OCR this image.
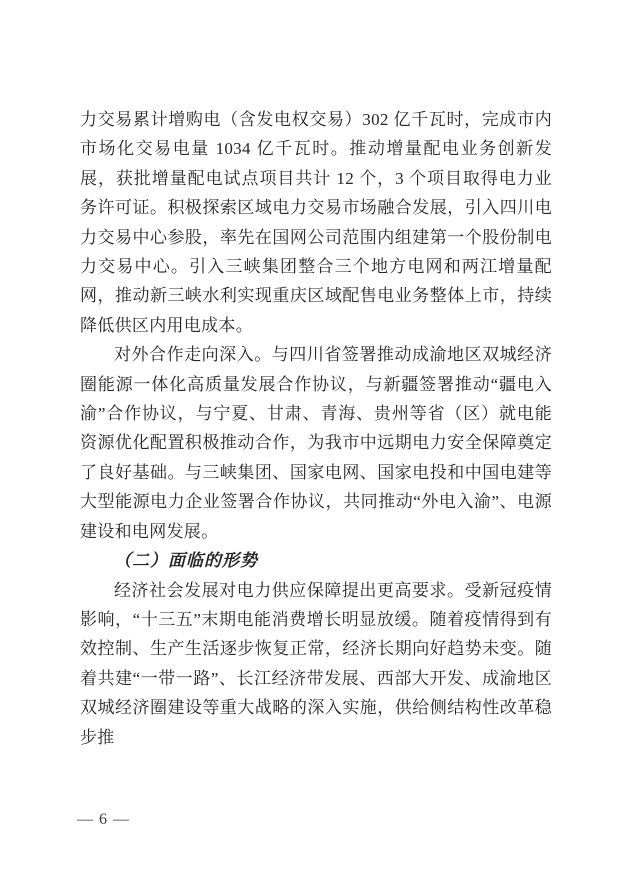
力交易累计增购电（含发电权交易）302 亿千瓦时，完成市内市场化交易电量 1034 亿千瓦时。推动增量配电业务创新发展，获批增量配电试点项目共计 12 个，3 个项目取得电力业务许可证。积极探索区域电力交易市场融合发展，引入四川电力交易中心参股，率先在国网公司范围内组建第一个股份制电力交易中心。引入三峡集团整合三个地方电网和两江增量配网，推动新三峡水利实现重庆区域配售电业务整体上市，持续降低供区内用电成本。

对外合作走向深入。与四川省签署推动成渝地区双城经济圈能源一体化高质量发展合作协议，与新疆签署推动“疆电入渝”合作协议，与宁夏、甘肃、青海、贵州等省（区）就电能资源优化配置积极推动合作，为我市中远期电力安全保障奠定了良好基础。与三峡集团、国家电网、国家电投和中国电建等大型能源电力企业签署合作协议，共同推动“外电入渝”、电源建设和电网发展。

（二）面临的形势

经济社会发展对电力供应保障提出更高要求。受新冠疫情影响，“十三五”末期电能消费增长明显放缓。随着疫情得到有效控制、生产生活逐步恢复正常，经济长期向好趋势未变。随着共建“一带一路”、长江经济带发展、西部大开发、成渝地区双城经济圈建设等重大战略的深入实施，供给侧结构性改革稳步推

— 6 —
